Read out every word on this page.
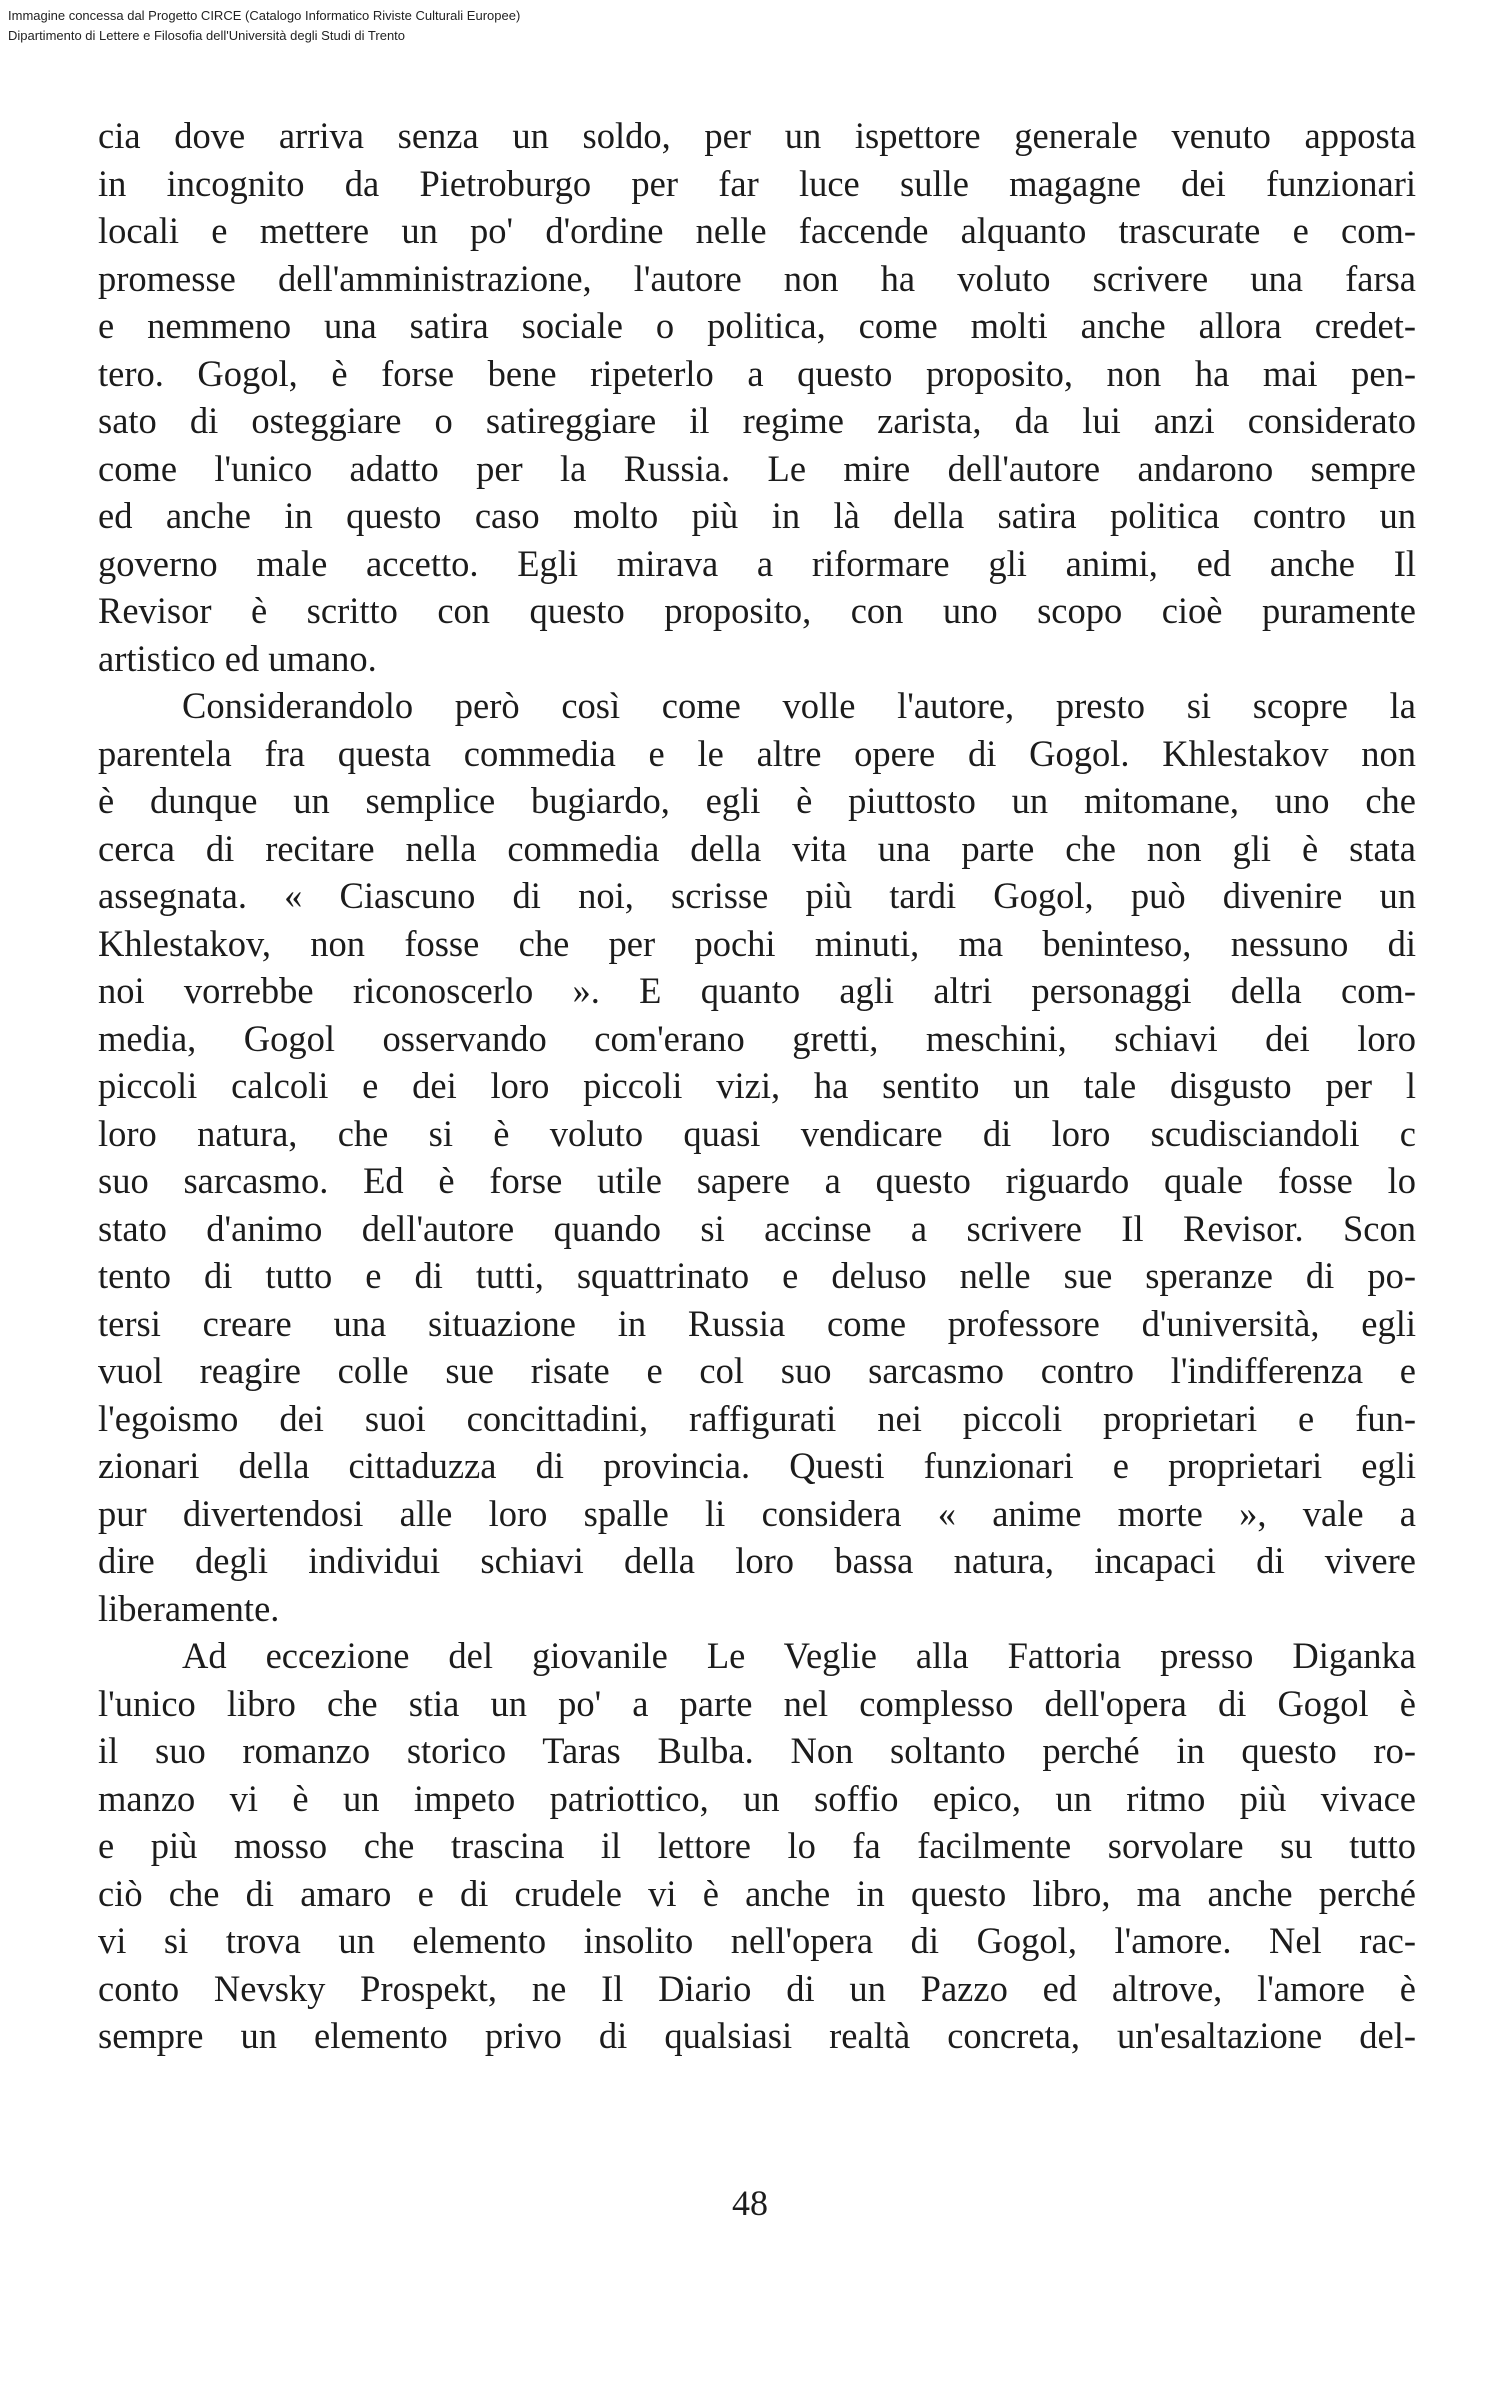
Immagine concessa dal Progetto CIRCE (Catalogo Informatico Riviste Culturali Europee)
Dipartimento di Lettere e Filosofia dell'Università degli Studi di Trento
cia dove arriva senza un soldo, per un ispettore generale venuto apposta
in incognito da Pietroburgo per far luce sulle magagne dei funzionari
locali e mettere un po' d'ordine nelle faccende alquanto trascurate e com-
promesse dell'amministrazione, l'autore non ha voluto scrivere una farsa
e nemmeno una satira sociale o politica, come molti anche allora credet-
tero. Gogol, è forse bene ripeterlo a questo proposito, non ha mai pen-
sato di osteggiare o satireggiare il regime zarista, da lui anzi considerato
come l'unico adatto per la Russia. Le mire dell'autore andarono sempre
ed anche in questo caso molto più in là della satira politica contro un
governo male accetto. Egli mirava a riformare gli animi, ed anche Il
Revisor è scritto con questo proposito, con uno scopo cioè puramente
artistico ed umano.
Considerandolo però così come volle l'autore, presto si scopre la
parentela fra questa commedia e le altre opere di Gogol. Khlestakov non
è dunque un semplice bugiardo, egli è piuttosto un mitomane, uno che
cerca di recitare nella commedia della vita una parte che non gli è stata
assegnata. « Ciascuno di noi, scrisse più tardi Gogol, può divenire un
Khlestakov, non fosse che per pochi minuti, ma beninteso, nessuno di
noi vorrebbe riconoscerlo ». E quanto agli altri personaggi della com-
media, Gogol osservando com'erano gretti, meschini, schiavi dei loro
piccoli calcoli e dei loro piccoli vizi, ha sentito un tale disgusto per l
loro natura, che si è voluto quasi vendicare di loro scudisciandoli c
suo sarcasmo. Ed è forse utile sapere a questo riguardo quale fosse lo
stato d'animo dell'autore quando si accinse a scrivere Il Revisor. Scon
tento di tutto e di tutti, squattrinato e deluso nelle sue speranze di po-
tersi creare una situazione in Russia come professore d'università, egli
vuol reagire colle sue risate e col suo sarcasmo contro l'indifferenza e
l'egoismo dei suoi concittadini, raffigurati nei piccoli proprietari e fun-
zionari della cittaduzza di provincia. Questi funzionari e proprietari egli
pur divertendosi alle loro spalle li considera « anime morte », vale a
dire degli individui schiavi della loro bassa natura, incapaci di vivere
liberamente.
Ad eccezione del giovanile Le Veglie alla Fattoria presso Diganka
l'unico libro che stia un po' a parte nel complesso dell'opera di Gogol è
il suo romanzo storico Taras Bulba. Non soltanto perché in questo ro-
manzo vi è un impeto patriottico, un soffio epico, un ritmo più vivace
e più mosso che trascina il lettore lo fa facilmente sorvolare su tutto
ciò che di amaro e di crudele vi è anche in questo libro, ma anche perché
vi si trova un elemento insolito nell'opera di Gogol, l'amore. Nel rac-
conto Nevsky Prospekt, ne Il Diario di un Pazzo ed altrove, l'amore è
sempre un elemento privo di qualsiasi realtà concreta, un'esaltazione del-
48
